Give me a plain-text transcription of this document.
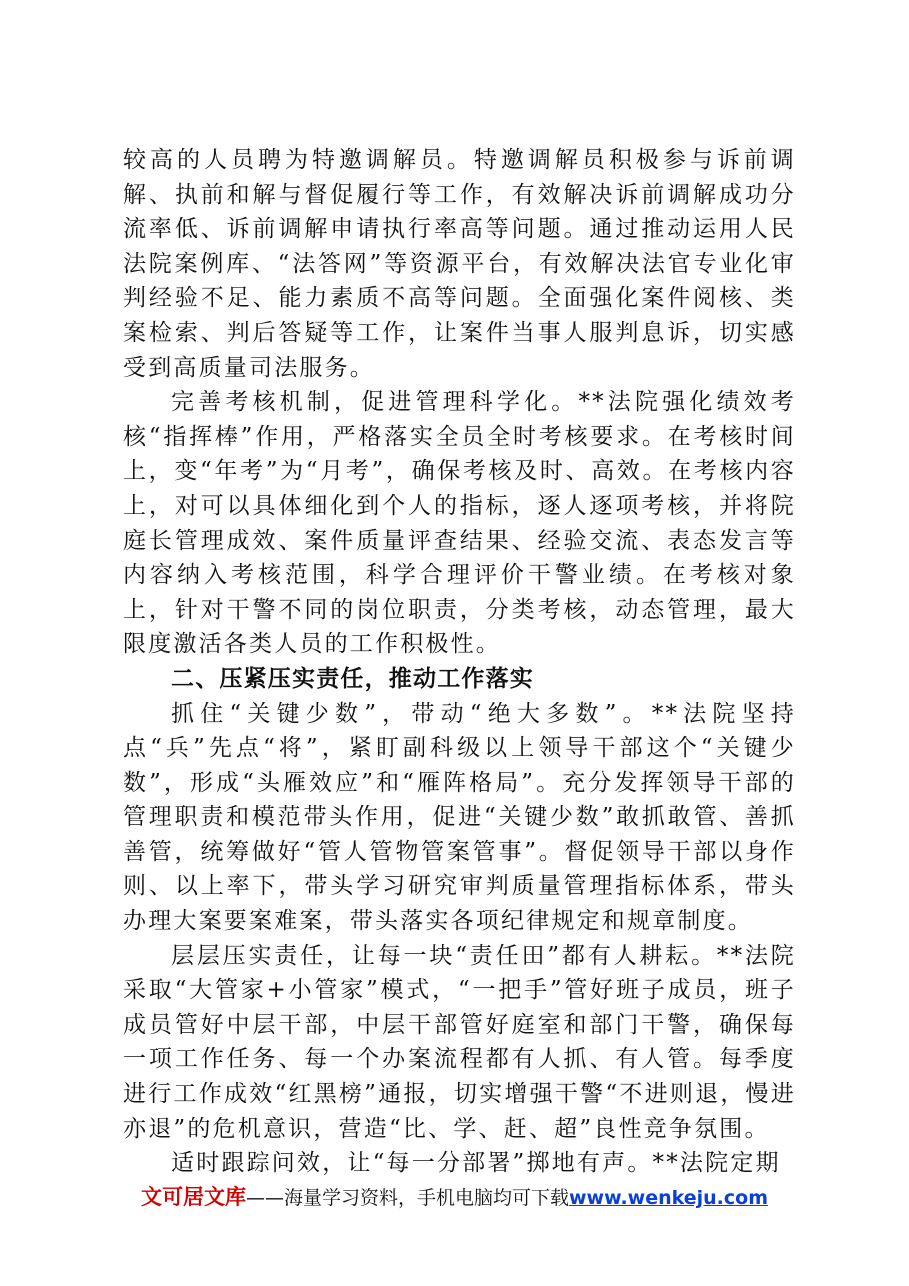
较高的人员聘为特邀调解员。特邀调解员积极参与诉前调解、执前和解与督促履行等工作，有效解决诉前调解成功分流率低、诉前调解申请执行率高等问题。通过推动运用人民法院案例库、“法答网”等资源平台，有效解决法官专业化审判经验不足、能力素质不高等问题。全面强化案件阅核、类案检索、判后答疑等工作，让案件当事人服判息诉，切实感受到高质量司法服务。

完善考核机制，促进管理科学化。**法院强化绩效考核“指挥棒”作用，严格落实全员全时考核要求。在考核时间上，变“年考”为“月考”，确保考核及时、高效。在考核内容上，对可以具体细化到个人的指标，逐人逐项考核，并将院庭长管理成效、案件质量评查结果、经验交流、表态发言等内容纳入考核范围，科学合理评价干警业绩。在考核对象上，针对干警不同的岗位职责，分类考核，动态管理，最大限度激活各类人员的工作积极性。

二、压紧压实责任，推动工作落实

抓住“关键少数”，带动“绝大多数”。**法院坚持点“兵”先点“将”，紧盯副科级以上领导干部这个“关键少数”，形成“头雁效应”和“雁阵格局”。充分发挥领导干部的管理职责和模范带头作用，促进“关键少数”敢抓敢管、善抓善管，统筹做好“管人管物管案管事”。督促领导干部以身作则、以上率下，带头学习研究审判质量管理指标体系，带头办理大案要案难案，带头落实各项纪律规定和规章制度。

层层压实责任，让每一块“责任田”都有人耕耘。**法院采取“大管家+小管家”模式，“一把手”管好班子成员，班子成员管好中层干部，中层干部管好庭室和部门干警，确保每一项工作任务、每一个办案流程都有人抓、有人管。每季度进行工作成效“红黑榜”通报，切实增强干警“不进则退，慢进亦退”的危机意识，营造“比、学、赶、超”良性竞争氛围。

适时跟踪问效，让“每一分部署”掷地有声。**法院定期

文可居文库——海量学习资料，手机电脑均可下载www.wenkeju.com
